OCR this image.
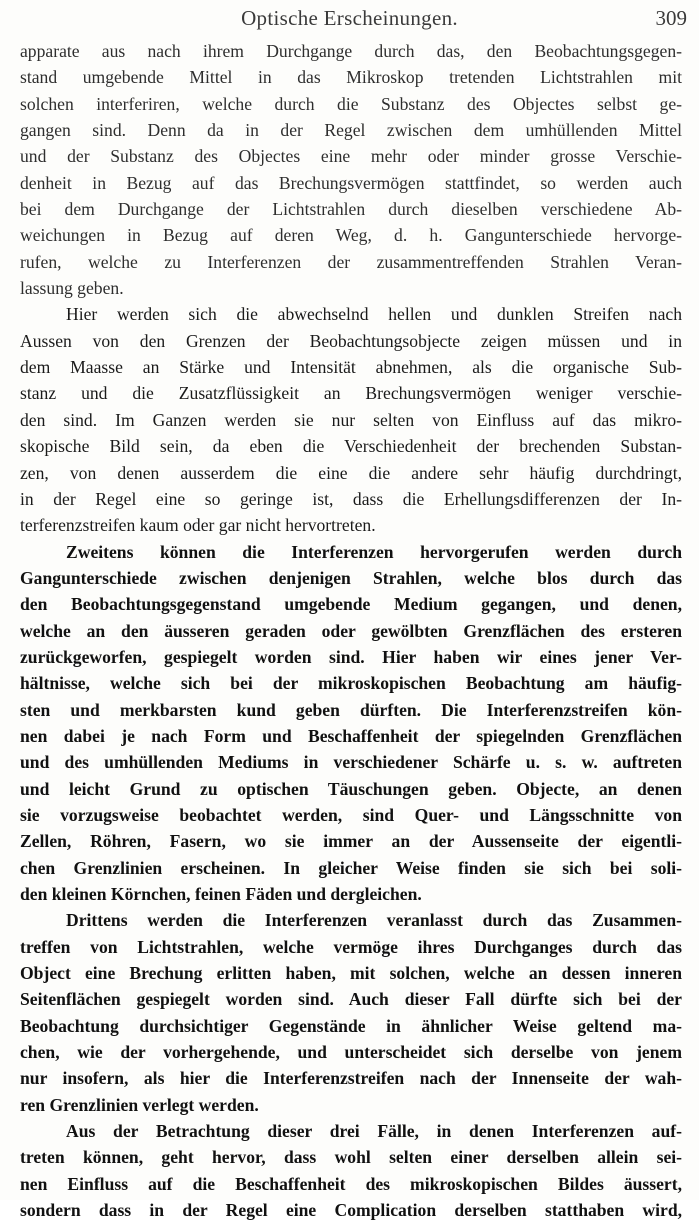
Optische Erscheinungen.	309
apparate aus nach ihrem Durchgange durch das, den Beobachtungsgegen-
stand umgebende Mittel in das Mikroskop tretenden Lichtstrahlen mit
solchen interferiren, welche durch die Substanz des Objectes selbst ge-
gangen sind. Denn da in der Regel zwischen dem umhüllenden Mittel
und der Substanz des Objectes eine mehr oder minder grosse Verschie-
denheit in Bezug auf das Brechungsvermögen stattfindet, so werden auch
bei dem Durchgange der Lichtstrahlen durch dieselben verschiedene Ab-
weichungen in Bezug auf deren Weg, d. h. Gangunterschiede hervorge-
rufen, welche zu Interferenzen der zusammentreffenden Strahlen Veran-
lassung geben.
Hier werden sich die abwechselnd hellen und dunklen Streifen nach
Aussen von den Grenzen der Beobachtungsobjecte zeigen müssen und in
dem Maasse an Stärke und Intensität abnehmen, als die organische Sub-
stanz und die Zusatzflüssigkeit an Brechungsvermögen weniger verschie-
den sind. Im Ganzen werden sie nur selten von Einfluss auf das mikro-
skopische Bild sein, da eben die Verschiedenheit der brechenden Substan-
zen, von denen ausserdem die eine die andere sehr häufig durchdringt,
in der Regel eine so geringe ist, dass die Erhellungsdifferenzen der In-
terferenzstreifen kaum oder gar nicht hervortreten.
Zweitens können die Interferenzen hervorgerufen werden durch
Gangunterschiede zwischen denjenigen Strahlen, welche blos durch das
den Beobachtungsgegenstand umgebende Medium gegangen, und denen,
welche an den äusseren geraden oder gewölbten Grenzflächen des ersteren
zurückgeworfen, gespiegelt worden sind. Hier haben wir eines jener Ver-
hältnisse, welche sich bei der mikroskopischen Beobachtung am häufig-
sten und merkbarsten kund geben dürften. Die Interferenzstreifen kön-
nen dabei je nach Form und Beschaffenheit der spiegelnden Grenzflächen
und des umhüllenden Mediums in verschiedener Schärfe u. s. w. auftreten
und leicht Grund zu optischen Täuschungen geben. Objecte, an denen
sie vorzugsweise beobachtet werden, sind Quer- und Längsschnitte von
Zellen, Röhren, Fasern, wo sie immer an der Aussenseite der eigentli-
chen Grenzlinien erscheinen. In gleicher Weise finden sie sich bei soli-
den kleinen Körnchen, feinen Fäden und dergleichen.
Drittens werden die Interferenzen veranlasst durch das Zusammen-
treffen von Lichtstrahlen, welche vermöge ihres Durchganges durch das
Object eine Brechung erlitten haben, mit solchen, welche an dessen inneren
Seitenflächen gespiegelt worden sind. Auch dieser Fall dürfte sich bei der
Beobachtung durchsichtiger Gegenstände in ähnlicher Weise geltend ma-
chen, wie der vorhergehende, und unterscheidet sich derselbe von jenem
nur insofern, als hier die Interferenzstreifen nach der Innenseite der wah-
ren Grenzlinien verlegt werden.
Aus der Betrachtung dieser drei Fälle, in denen Interferenzen auf-
treten können, geht hervor, dass wohl selten einer derselben allein sei-
nen Einfluss auf die Beschaffenheit des mikroskopischen Bildes äussert,
sondern dass in der Regel eine Complication derselben statthaben wird,
